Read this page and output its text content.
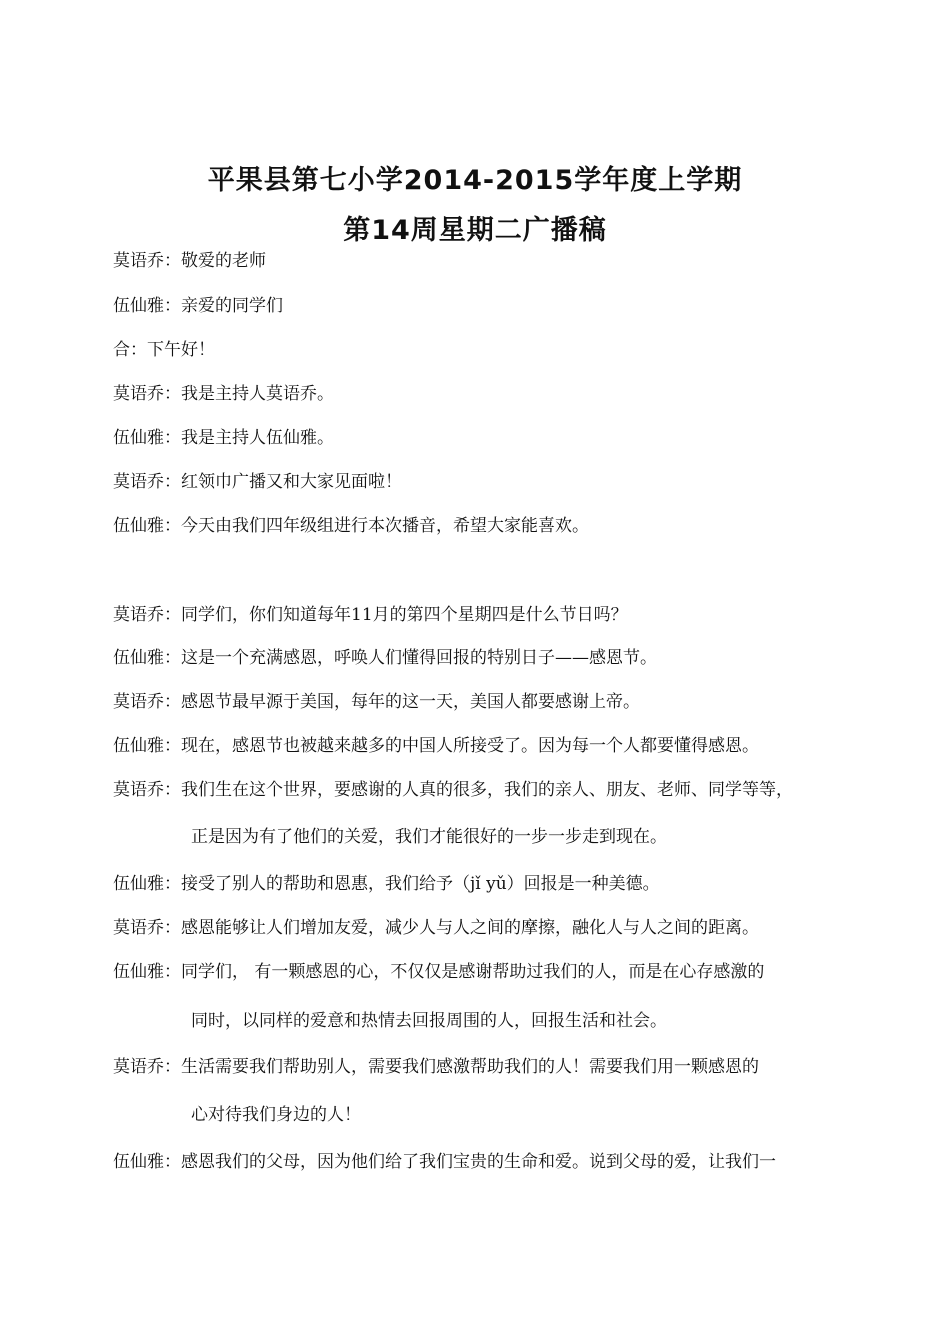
平果县第七小学2014-2015学年度上学期
第14周星期二广播稿
莫语乔：敬爱的老师
伍仙雅：亲爱的同学们
合：下午好！
莫语乔：我是主持人莫语乔。
伍仙雅：我是主持人伍仙雅。
莫语乔：红领巾广播又和大家见面啦！
伍仙雅：今天由我们四年级组进行本次播音，希望大家能喜欢。
莫语乔：同学们，你们知道每年11月的第四个星期四是什么节日吗？
伍仙雅：这是一个充满感恩，呼唤人们懂得回报的特别日子——感恩节。
莫语乔：感恩节最早源于美国，每年的这一天，美国人都要感谢上帝。
伍仙雅：现在，感恩节也被越来越多的中国人所接受了。因为每一个人都要懂得感恩。
莫语乔：我们生在这个世界，要感谢的人真的很多，我们的亲人、朋友、老师、同学等等，
正是因为有了他们的关爱，我们才能很好的一步一步走到现在。
伍仙雅：接受了别人的帮助和恩惠，我们给予（jǐ yǔ）回报是一种美德。
莫语乔：感恩能够让人们增加友爱，减少人与人之间的摩擦，融化人与人之间的距离。
伍仙雅：同学们， 有一颗感恩的心，不仅仅是感谢帮助过我们的人，而是在心存感激的
同时，以同样的爱意和热情去回报周围的人，回报生活和社会。
莫语乔：生活需要我们帮助别人，需要我们感激帮助我们的人！需要我们用一颗感恩的
心对待我们身边的人！
伍仙雅：感恩我们的父母，因为他们给了我们宝贵的生命和爱。说到父母的爱，让我们一
